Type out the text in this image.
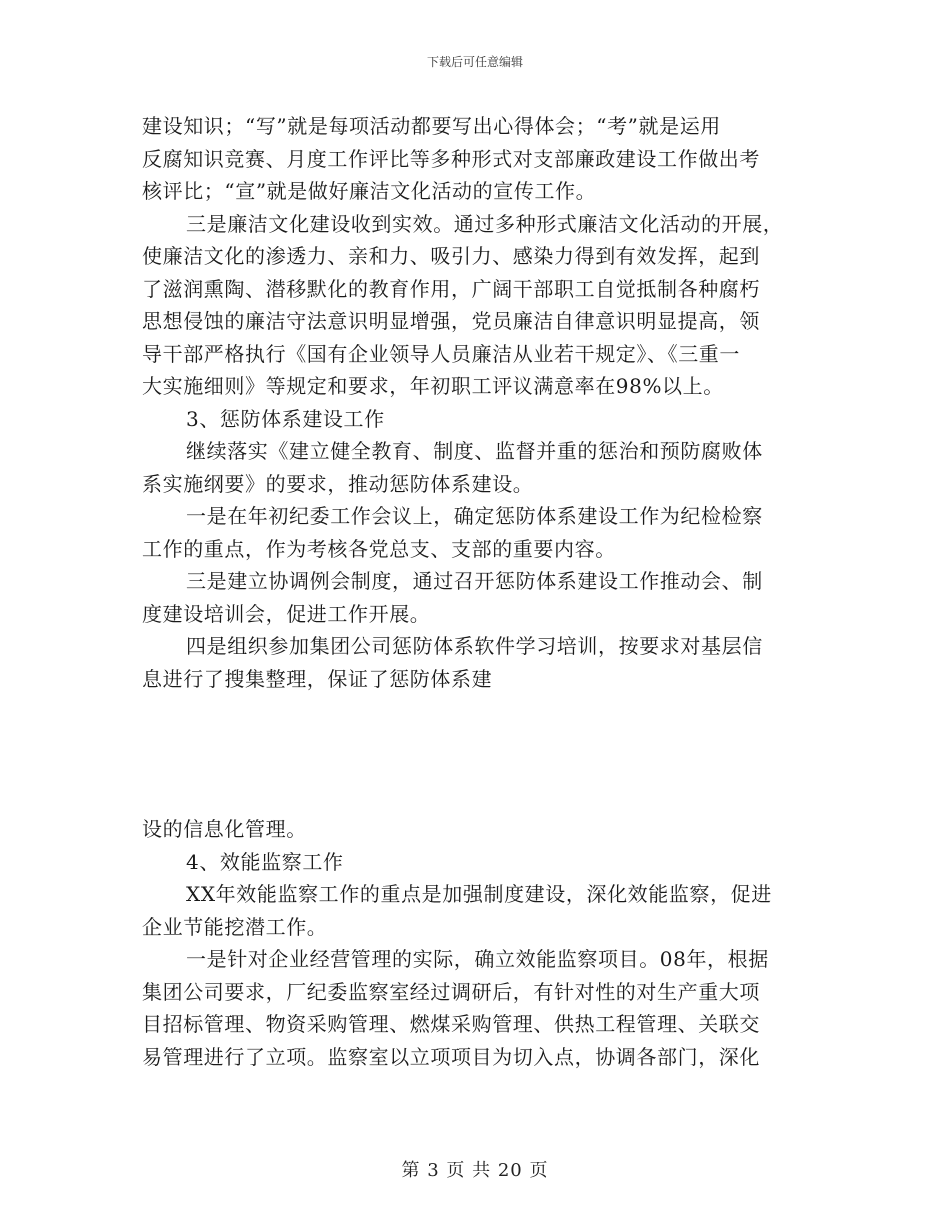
下载后可任意编辑

建设知识；“写”就是每项活动都要写出心得体会；“考”就是运用

反腐知识竞赛、月度工作评比等多种形式对支部廉政建设工作做出考

核评比；“宣”就是做好廉洁文化活动的宣传工作。

三是廉洁文化建设收到实效。通过多种形式廉洁文化活动的开展，

使廉洁文化的渗透力、亲和力、吸引力、感染力得到有效发挥，起到

了滋润熏陶、潜移默化的教育作用，广阔干部职工自觉抵制各种腐朽

思想侵蚀的廉洁守法意识明显增强，党员廉洁自律意识明显提高，领

导干部严格执行《国有企业领导人员廉洁从业若干规定》、《三重一

大实施细则》等规定和要求，年初职工评议满意率在98%以上。

3、惩防体系建设工作

继续落实《建立健全教育、制度、监督并重的惩治和预防腐败体

系实施纲要》的要求，推动惩防体系建设。

一是在年初纪委工作会议上，确定惩防体系建设工作为纪检检察

工作的重点，作为考核各党总支、支部的重要内容。

三是建立协调例会制度，通过召开惩防体系建设工作推动会、制

度建设培训会，促进工作开展。

四是组织参加集团公司惩防体系软件学习培训，按要求对基层信

息进行了搜集整理，保证了惩防体系建

设的信息化管理。

4、效能监察工作

XX年效能监察工作的重点是加强制度建设，深化效能监察，促进

企业节能挖潜工作。

一是针对企业经营管理的实际，确立效能监察项目。08年，根据

集团公司要求，厂纪委监察室经过调研后，有针对性的对生产重大项

目招标管理、物资采购管理、燃煤采购管理、供热工程管理、关联交

易管理进行了立项。监察室以立项项目为切入点，协调各部门，深化

第 3 页 共 20 页
